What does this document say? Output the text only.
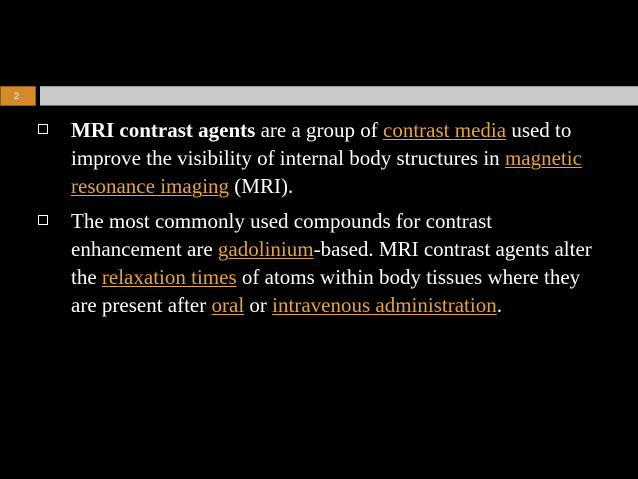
2
MRI contrast agents are a group of contrast media used to improve the visibility of internal body structures in magnetic resonance imaging (MRI).
The most commonly used compounds for contrast enhancement are gadolinium-based. MRI contrast agents alter the relaxation times of atoms within body tissues where they are present after oral or intravenous administration.
